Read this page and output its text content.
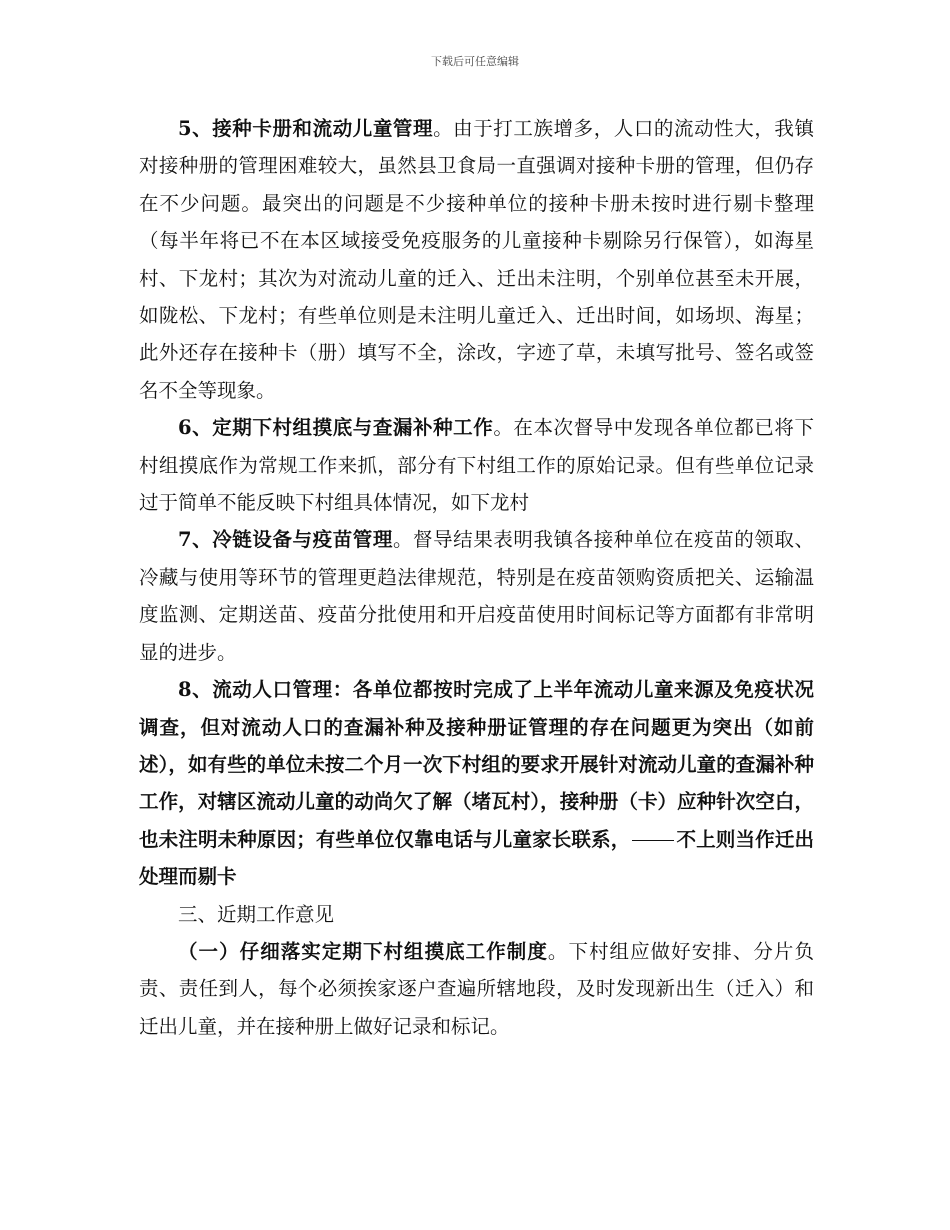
下载后可任意编辑

5、接种卡册和流动儿童管理。由于打工族增多，人口的流动性大，我镇对接种册的管理困难较大，虽然县卫食局一直强调对接种卡册的管理，但仍存在不少问题。最突出的问题是不少接种单位的接种卡册未按时进行剔卡整理（每半年将已不在本区域接受免疫服务的儿童接种卡剔除另行保管），如海星村、下龙村；其次为对流动儿童的迁入、迁出未注明，个别单位甚至未开展，如陇松、下龙村；有些单位则是未注明儿童迁入、迁出时间，如场坝、海星；此外还存在接种卡（册）填写不全，涂改，字迹了草，未填写批号、签名或签名不全等现象。

6、定期下村组摸底与查漏补种工作。在本次督导中发现各单位都已将下村组摸底作为常规工作来抓，部分有下村组工作的原始记录。但有些单位记录过于简单不能反映下村组具体情况，如下龙村

7、冷链设备与疫苗管理。督导结果表明我镇各接种单位在疫苗的领取、冷藏与使用等环节的管理更趋法律规范，特别是在疫苗领购资质把关、运输温度监测、定期送苗、疫苗分批使用和开启疫苗使用时间标记等方面都有非常明显的进步。

8、流动人口管理：各单位都按时完成了上半年流动儿童来源及免疫状况调查，但对流动人口的查漏补种及接种册证管理的存在问题更为突出（如前述），如有些的单位未按二个月一次下村组的要求开展针对流动儿童的查漏补种工作，对辖区流动儿童的动尚欠了解（堵瓦村），接种册（卡）应种针次空白，也未注明未种原因；有些单位仅靠电话与儿童家长联系， 不上则当作迁出处理而剔卡

三、近期工作意见

（一）仔细落实定期下村组摸底工作制度。下村组应做好安排、分片负责、责任到人，每个必须挨家逐户查遍所辖地段，及时发现新出生（迁入）和迁出儿童，并在接种册上做好记录和标记。
